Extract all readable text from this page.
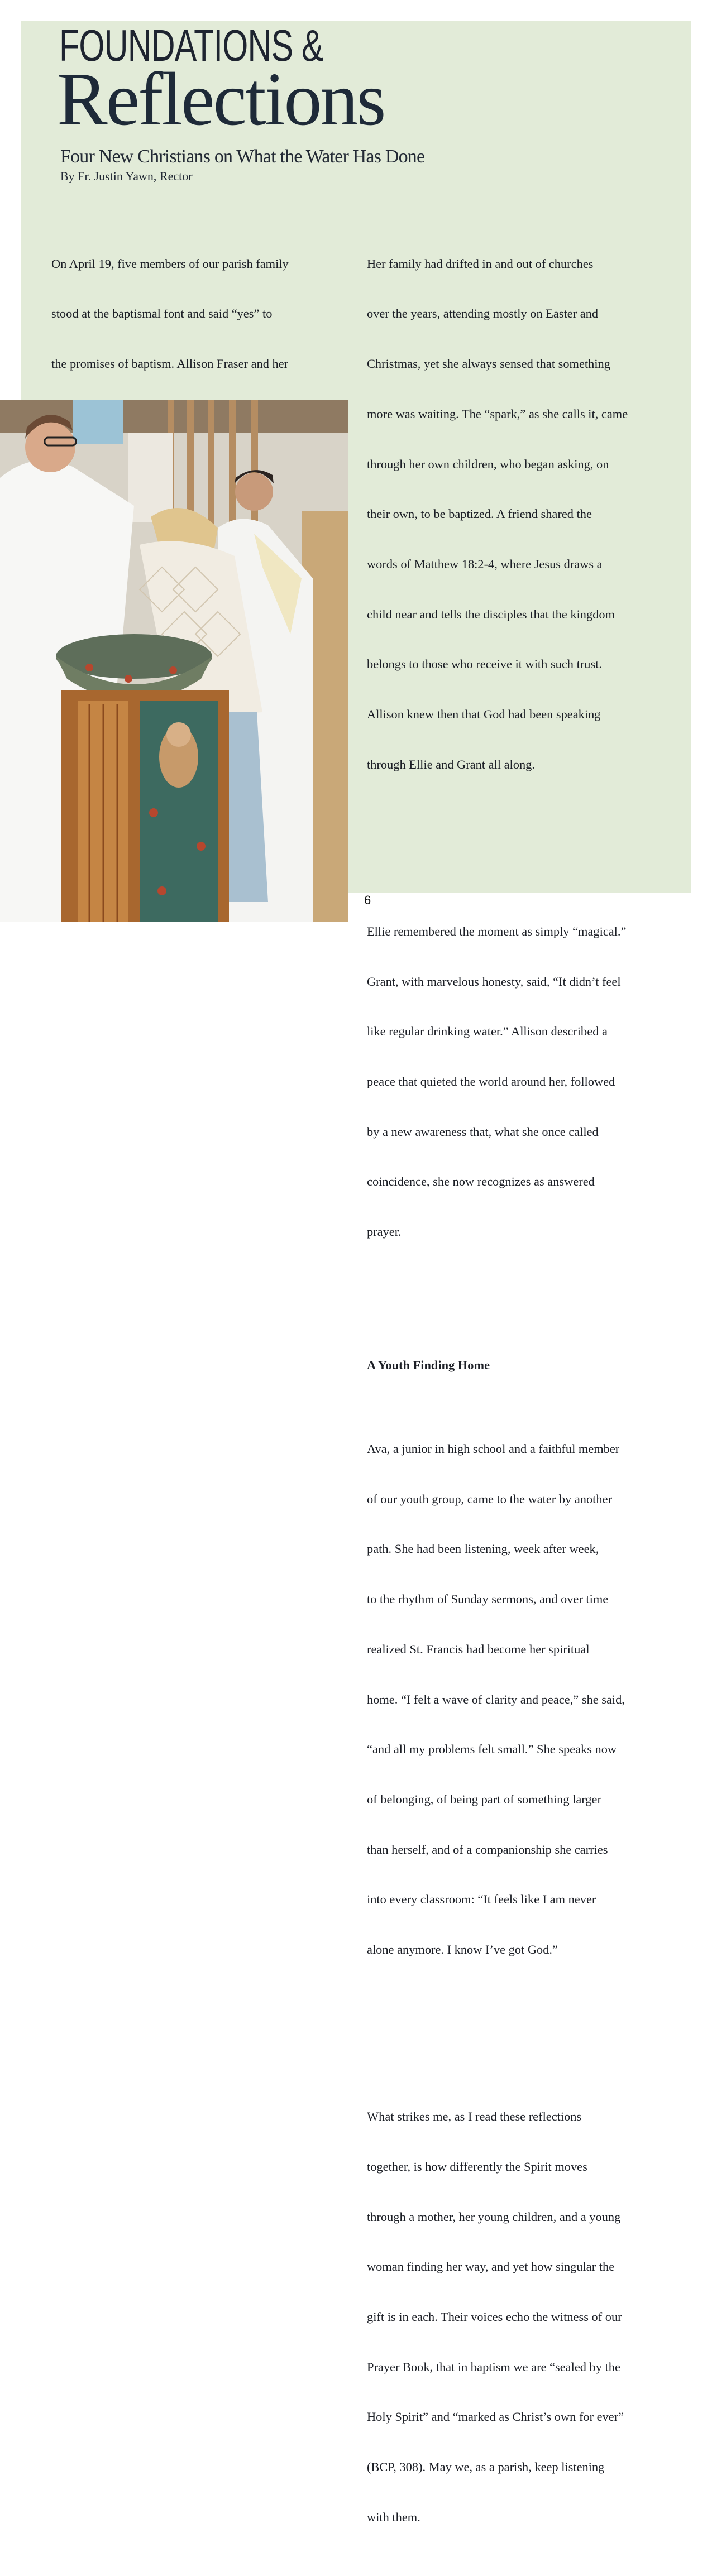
FOUNDATIONS &
Reflections
Four New Christians on What the Water Has Done
By Fr. Justin Yawn, Rector

On April 19, five members of our parish family

stood at the baptismal font and said “yes” to

the promises of baptism. Allison Fraser and her

Her family had drifted in and out of churches

over the years, attending mostly on Easter and

Christmas, yet she always sensed that something

more was waiting. The “spark,” as she calls it, came

through her own children, who began asking, on

their own, to be baptized. A friend shared the

words of Matthew 18:2-4, where Jesus draws a

child near and tells the disciples that the kingdom

belongs to those who receive it with such trust.

Allison knew then that God had been speaking

through Ellie and Grant all along.

Ellie remembered the moment as simply “magical.”

Grant, with marvelous honesty, said, “It didn’t feel

like regular drinking water.” Allison described a

peace that quieted the world around her, followed

by a new awareness that, what she once called

coincidence, she now recognizes as answered

prayer.

A Youth Finding Home

Ava, a junior in high school and a faithful member

of our youth group, came to the water by another

path. She had been listening, week after week,

to the rhythm of Sunday sermons, and over time

realized St. Francis had become her spiritual

home. “I felt a wave of clarity and peace,” she said,

“and all my problems felt small.” She speaks now

of belonging, of being part of something larger

than herself, and of a companionship she carries

into every classroom: “It feels like I am never

alone anymore. I know I’ve got God.”

What strikes me, as I read these reflections

together, is how differently the Spirit moves

through a mother, her young children, and a young

woman finding her way, and yet how singular the

gift is in each. Their voices echo the witness of our

Prayer Book, that in baptism we are “sealed by the

Holy Spirit” and “marked as Christ’s own for ever”

(BCP, 308). May we, as a parish, keep listening

with them.

6
